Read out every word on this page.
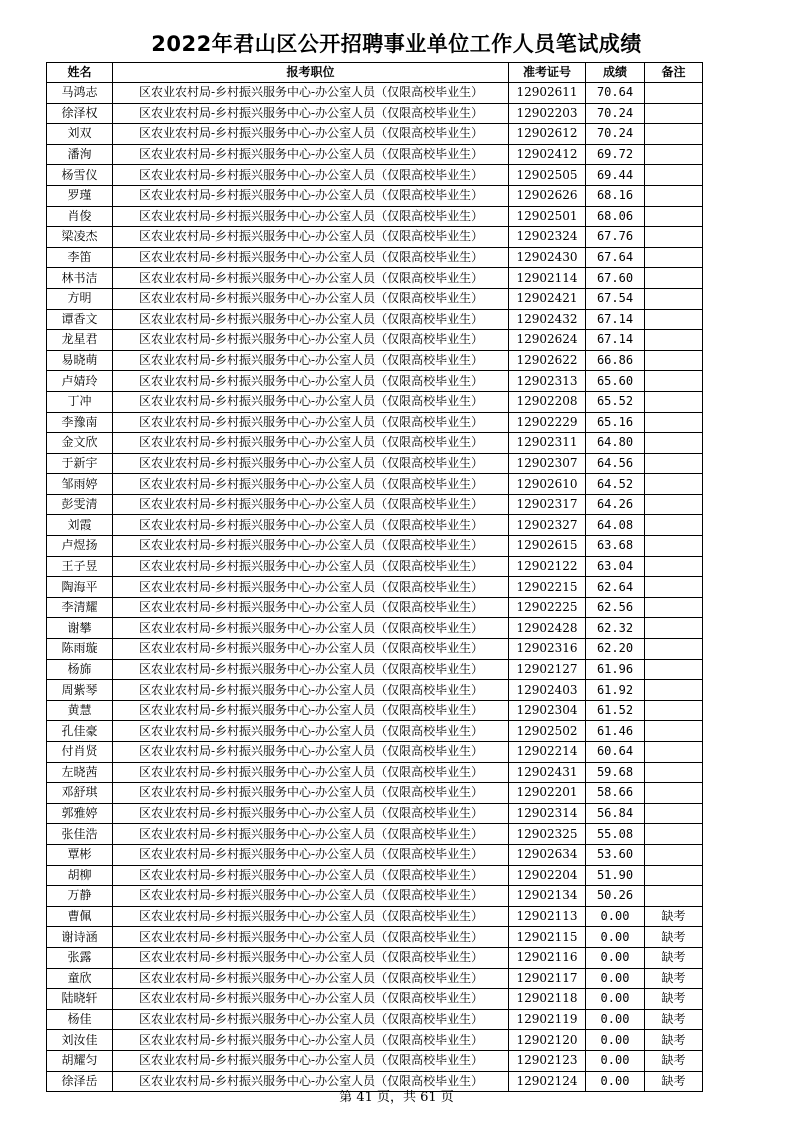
2022年君山区公开招聘事业单位工作人员笔试成绩
姓名	报考职位	准考证号	成绩	备注
马鸿志	区农业农村局-乡村振兴服务中心-办公室人员（仅限高校毕业生）	12902611	70.64	
徐泽权	区农业农村局-乡村振兴服务中心-办公室人员（仅限高校毕业生）	12902203	70.24	
刘双	区农业农村局-乡村振兴服务中心-办公室人员（仅限高校毕业生）	12902612	70.24	
潘洵	区农业农村局-乡村振兴服务中心-办公室人员（仅限高校毕业生）	12902412	69.72	
杨雪仪	区农业农村局-乡村振兴服务中心-办公室人员（仅限高校毕业生）	12902505	69.44	
罗瑾	区农业农村局-乡村振兴服务中心-办公室人员（仅限高校毕业生）	12902626	68.16	
肖俊	区农业农村局-乡村振兴服务中心-办公室人员（仅限高校毕业生）	12902501	68.06	
梁凌杰	区农业农村局-乡村振兴服务中心-办公室人员（仅限高校毕业生）	12902324	67.76	
李笛	区农业农村局-乡村振兴服务中心-办公室人员（仅限高校毕业生）	12902430	67.64	
林书洁	区农业农村局-乡村振兴服务中心-办公室人员（仅限高校毕业生）	12902114	67.60	
方明	区农业农村局-乡村振兴服务中心-办公室人员（仅限高校毕业生）	12902421	67.54	
谭香文	区农业农村局-乡村振兴服务中心-办公室人员（仅限高校毕业生）	12902432	67.14	
龙星君	区农业农村局-乡村振兴服务中心-办公室人员（仅限高校毕业生）	12902624	67.14	
易晓萌	区农业农村局-乡村振兴服务中心-办公室人员（仅限高校毕业生）	12902622	66.86	
卢婧玲	区农业农村局-乡村振兴服务中心-办公室人员（仅限高校毕业生）	12902313	65.60	
丁冲	区农业农村局-乡村振兴服务中心-办公室人员（仅限高校毕业生）	12902208	65.52	
李豫南	区农业农村局-乡村振兴服务中心-办公室人员（仅限高校毕业生）	12902229	65.16	
金文欣	区农业农村局-乡村振兴服务中心-办公室人员（仅限高校毕业生）	12902311	64.80	
于新宇	区农业农村局-乡村振兴服务中心-办公室人员（仅限高校毕业生）	12902307	64.56	
邹雨婷	区农业农村局-乡村振兴服务中心-办公室人员（仅限高校毕业生）	12902610	64.52	
彭雯清	区农业农村局-乡村振兴服务中心-办公室人员（仅限高校毕业生）	12902317	64.26	
刘霞	区农业农村局-乡村振兴服务中心-办公室人员（仅限高校毕业生）	12902327	64.08	
卢煜扬	区农业农村局-乡村振兴服务中心-办公室人员（仅限高校毕业生）	12902615	63.68	
王子昱	区农业农村局-乡村振兴服务中心-办公室人员（仅限高校毕业生）	12902122	63.04	
陶海平	区农业农村局-乡村振兴服务中心-办公室人员（仅限高校毕业生）	12902215	62.64	
李清耀	区农业农村局-乡村振兴服务中心-办公室人员（仅限高校毕业生）	12902225	62.56	
谢攀	区农业农村局-乡村振兴服务中心-办公室人员（仅限高校毕业生）	12902428	62.32	
陈雨璇	区农业农村局-乡村振兴服务中心-办公室人员（仅限高校毕业生）	12902316	62.20	
杨旆	区农业农村局-乡村振兴服务中心-办公室人员（仅限高校毕业生）	12902127	61.96	
周紫琴	区农业农村局-乡村振兴服务中心-办公室人员（仅限高校毕业生）	12902403	61.92	
黄慧	区农业农村局-乡村振兴服务中心-办公室人员（仅限高校毕业生）	12902304	61.52	
孔佳豪	区农业农村局-乡村振兴服务中心-办公室人员（仅限高校毕业生）	12902502	61.46	
付肖贤	区农业农村局-乡村振兴服务中心-办公室人员（仅限高校毕业生）	12902214	60.64	
左晓茜	区农业农村局-乡村振兴服务中心-办公室人员（仅限高校毕业生）	12902431	59.68	
邓舒琪	区农业农村局-乡村振兴服务中心-办公室人员（仅限高校毕业生）	12902201	58.66	
郭雅婷	区农业农村局-乡村振兴服务中心-办公室人员（仅限高校毕业生）	12902314	56.84	
张佳浩	区农业农村局-乡村振兴服务中心-办公室人员（仅限高校毕业生）	12902325	55.08	
覃彬	区农业农村局-乡村振兴服务中心-办公室人员（仅限高校毕业生）	12902634	53.60	
胡柳	区农业农村局-乡村振兴服务中心-办公室人员（仅限高校毕业生）	12902204	51.90	
万静	区农业农村局-乡村振兴服务中心-办公室人员（仅限高校毕业生）	12902134	50.26	
曹佩	区农业农村局-乡村振兴服务中心-办公室人员（仅限高校毕业生）	12902113	0.00	缺考
谢诗涵	区农业农村局-乡村振兴服务中心-办公室人员（仅限高校毕业生）	12902115	0.00	缺考
张露	区农业农村局-乡村振兴服务中心-办公室人员（仅限高校毕业生）	12902116	0.00	缺考
童欣	区农业农村局-乡村振兴服务中心-办公室人员（仅限高校毕业生）	12902117	0.00	缺考
陆晓轩	区农业农村局-乡村振兴服务中心-办公室人员（仅限高校毕业生）	12902118	0.00	缺考
杨佳	区农业农村局-乡村振兴服务中心-办公室人员（仅限高校毕业生）	12902119	0.00	缺考
刘汝佳	区农业农村局-乡村振兴服务中心-办公室人员（仅限高校毕业生）	12902120	0.00	缺考
胡耀匀	区农业农村局-乡村振兴服务中心-办公室人员（仅限高校毕业生）	12902123	0.00	缺考
徐泽岳	区农业农村局-乡村振兴服务中心-办公室人员（仅限高校毕业生）	12902124	0.00	缺考
第 41 页，共 61 页
